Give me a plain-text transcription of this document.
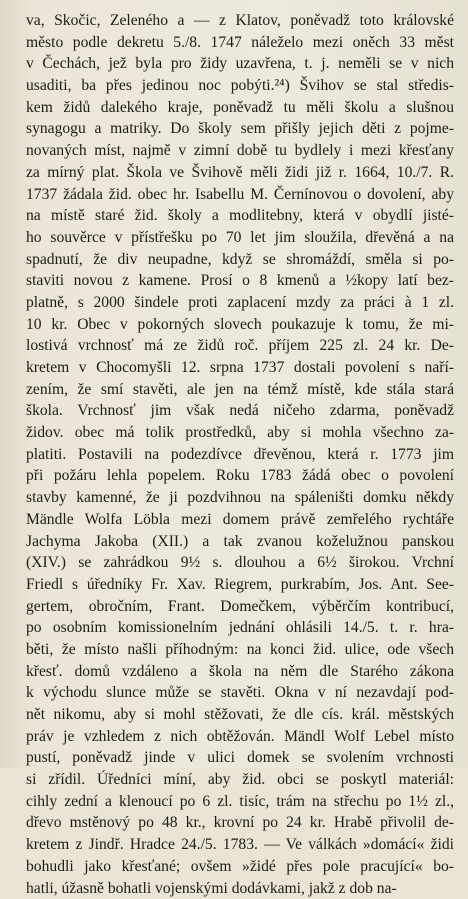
va, Skočic, Zeleného a — z Klatov, poněvadž toto královské
město podle dekretu 5./8. 1747 náleželo mezi oněch 33 měst
v Čechách, jež byla pro židy uzavřena, t. j. neměli se v nich
usaditi, ba přes jedinou noc pobýti.²⁴) Švihov se stal středis-
kem židů dalekého kraje, poněvadž tu měli školu a slušnou
synagogu a matriky. Do školy sem přišly jejich děti z pojme-
novaných míst, najmě v zimní době tu bydlely i mezi křesťany
za mírný plat. Škola ve Švihově měli židi již r. 1664, 10./7. R.
1737 žádala žid. obec hr. Isabellu M. Černínovou o dovolení, aby
na místě staré žid. školy a modlitebny, která v obydlí jisté-
ho souvěrce v přístřešku po 70 let jim sloužila, dřevěná a na
spadnutí, že div neupadne, když se shromáždí, směla si po-
staviti novou z kamene. Prosí o 8 kmenů a ½kopy latí bez-
platně, s 2000 šindele proti zaplacení mzdy za práci à 1 zl.
10 kr. Obec v pokorných slovech poukazuje k tomu, že mi-
lostivá vrchnosť má ze židů roč. příjem 225 zl. 24 kr. De-
kretem v Chocomyšli 12. srpna 1737 dostali povolení s naří-
zením, že smí stavěti, ale jen na témž místě, kde stála stará
škola. Vrchnosť jim však nedá ničeho zdarma, poněvadž
židov. obec má tolik prostředků, aby si mohla všechno za-
platiti. Postavili na podezdívce dřevěnou, která r. 1773 jim
při požáru lehla popelem. Roku 1783 žádá obec o povolení
stavby kamenné, že ji pozdvihnou na spáleništi domku někdy
Mändle Wolfa Löbla mezi domem právě zemřelého rychtáře
Jachyma Jakoba (XII.) a tak zvanou koželužnou panskou
(XIV.) se zahrádkou 9½ s. dlouhou a 6½ širokou. Vrchní
Friedl s úředníky Fr. Xav. Riegrem, purkrabím, Jos. Ant. See-
gertem, obročním, Frant. Domečkem, výběrčím kontribucí,
po osobním komissionelním jednání ohlásili 14./5. t. r. hra-
běti, že místo našli příhodným: na konci žid. ulice, ode všech
křesť. domů vzdáleno a škola na něm dle Starého zákona
k východu slunce může se stavěti. Okna v ní nezavdají pod-
nět nikomu, aby si mohl stěžovati, že dle cís. král. městských
práv je vzhledem z nich obtěžován. Mändl Wolf Lebel místo
pustí, poněvadž jinde v ulici domek se svolením vrchnosti
si zřídil. Úředníci míní, aby žid. obci se poskytl materiál:
cihly zední a klenoucí po 6 zl. tisíc, trám na střechu po 1½ zl.,
dřevo mstěnový po 48 kr., krovní po 24 kr. Hrabě přivolil de-
kretem z Jindř. Hradce 24./5. 1783. — Ve válkách »domácí« židi
bohudli jako křesťané; ovšem »židé přes pole pracující« bo-
hatli, úžasně bohatli vojenskými dodávkami, jakž z dob na-
